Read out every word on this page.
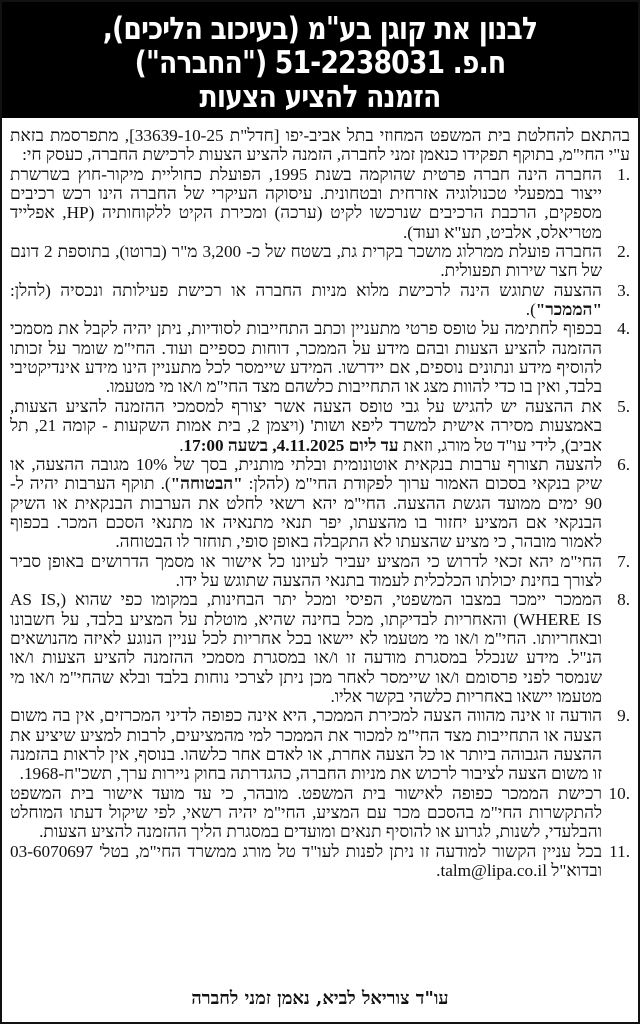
לבנון את קוגן בע"מ (בעיכוב הליכים),
ח.פ. 51-2238031 ("החברה")
הזמנה להציע הצעות

בהתאם להחלטת בית המשפט המחוזי בתל אביב-יפו [חדל"ת 33639-10-25], מתפרסמת בזאת ע"י החי"מ, בתוקף תפקידו כנאמן זמני לחברה, הזמנה להציע הצעות לרכישת החברה, כעסק חי:

1.
החברה הינה חברה פרטית שהוקמה בשנת 1995, הפועלת כחוליית מיקור-חוץ בשרשרת ייצור במפעלי טכנולוגיה אזרחית ובטחונית. עיסוקה העיקרי של החברה הינו רכש רכיבים מספקים, הרכבת הרכיבים שנרכשו לקיט (ערכה) ומכירת הקיט ללקוחותיה (HP, אפלייד מטריאלס, אלביט, תע"א ועוד).
2.
החברה פועלת ממרלוג מושכר בקרית גת, בשטח של כ- 3,200 מ"ר (ברוטו), בתוספת 2 דונם של חצר שירות תפעולית.
3.
ההצעה שתוגש הינה לרכישת מלוא מניות החברה או רכישת פעילותה ונכסיה (להלן: "הממכר").
4.
בכפוף לחתימה על טופס פרטי מתעניין וכתב התחייבות לסודיות, ניתן יהיה לקבל את מסמכי ההזמנה להציע הצעות ובהם מידע על הממכר, דוחות כספיים ועוד. החי"מ שומר על זכותו להוסיף מידע ונתונים נוספים, אם יידרשו. המידע שיימסר לכל מתעניין הינו מידע אינדיקטיבי בלבד, ואין בו כדי להוות מצג או התחייבות כלשהם מצד החי"מ ו/או מי מטעמו.
5.
את ההצעה יש להגיש על גבי טופס הצעה אשר יצורף למסמכי ההזמנה להציע הצעות, באמצעות מסירה אישית למשרד ליפא ושות' (ויצמן 2, בית אמות השקעות - קומה 21, תל אביב), לידי עו"ד טל מורג, וזאת עד ליום 4.11.2025, בשעה 17:00.
6.
להצעה תצורף ערבות בנקאית אוטונומית ובלתי מותנית, בסך של 10% מגובה ההצעה, או שיק בנקאי בסכום האמור ערוך לפקודת החי"מ (להלן: "הבטוחה"). תוקף הערבות יהיה ל- 90 ימים ממועד הגשת ההצעה. החי"מ יהא רשאי לחלט את הערבות הבנקאית או השיק הבנקאי אם המציע יחזור בו מהצעתו, יפר תנאי מתנאיה או מתנאי הסכם המכר. בכפוף לאמור מובהר, כי מציע שהצעתו לא התקבלה באופן סופי, תוחזר לו הבטוחה.
7.
החי"מ יהא זכאי לדרוש כי המציע יעביר לעיונו כל אישור או מסמך הדרושים באופן סביר לצורך בחינת יכולתו הכלכלית לעמוד בתנאי ההצעה שתוגש על ידו.
8.
הממכר יימכר במצבו המשפטי, הפיסי ומכל יתר הבחינות, במקומו כפי שהוא (AS IS, WHERE IS) והאחריות לבדיקתו, מכל בחינה שהיא, מוטלת על המציע בלבד, על חשבונו ובאחריותו. החי"מ ו/או מי מטעמו לא יישאו בכל אחריות לכל עניין הנוגע לאיזה מהנושאים הנ"ל. מידע שנכלל במסגרת מודעה זו ו/או במסגרת מסמכי ההזמנה להציע הצעות ו/או שנמסר לפני פרסומם ו/או שיימסר לאחר מכן ניתן לצרכי נוחות בלבד ובלא שהחי"מ ו/או מי מטעמו יישאו באחריות כלשהי בקשר אליו.
9.
הודעה זו אינה מהווה הצעה למכירת הממכר, היא אינה כפופה לדיני המכרזים, אין בה משום הצעה או התחייבות מצד החי"מ למכור את הממכר למי מהמציעים, לרבות למציע שיציע את ההצעה הגבוהה ביותר או כל הצעה אחרת, או לאדם אחר כלשהו. בנוסף, אין לראות בהזמנה זו משום הצעה לציבור לרכוש את מניות החברה, כהגדרתה בחוק ניירות ערך, תשכ"ח-1968.
10.
רכישת הממכר כפופה לאישור בית המשפט. מובהר, כי עד מועד אישור בית המשפט להתקשרות החי"מ בהסכם מכר עם המציע, החי"מ יהיה רשאי, לפי שיקול דעתו המוחלט והבלעדי, לשנות, לגרוע או להוסיף תנאים ומועדים במסגרת הליך ההזמנה להציע הצעות.
11.
בכל עניין הקשור למודעה זו ניתן לפנות לעו"ד טל מורג ממשרד החי"מ, בטל' 03-6070697 ובדוא"ל talm@lipa.co.il.
עו"ד צוריאל לביא, נאמן זמני לחברה
